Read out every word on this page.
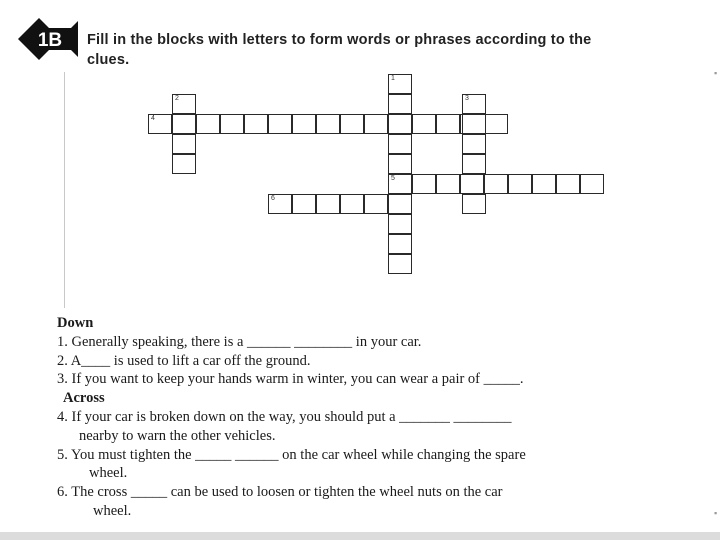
1B Fill in the blocks with letters to form words or phrases according to the
clues.
▪
▪
4
2
1
5
3
6
Down
1. Generally speaking, there is a ______ ________ in your car.
2. A____ is used to lift a car off the ground.
3. If you want to keep your hands warm in winter, you can wear a pair of _____.
Across
4. If your car is broken down on the way, you should put a _______ ________
nearby to warn the other vehicles.
5. You must tighten the _____ ______ on the car wheel while changing the spare
wheel.
6. The cross _____ can be used to loosen or tighten the wheel nuts on the car
wheel.
